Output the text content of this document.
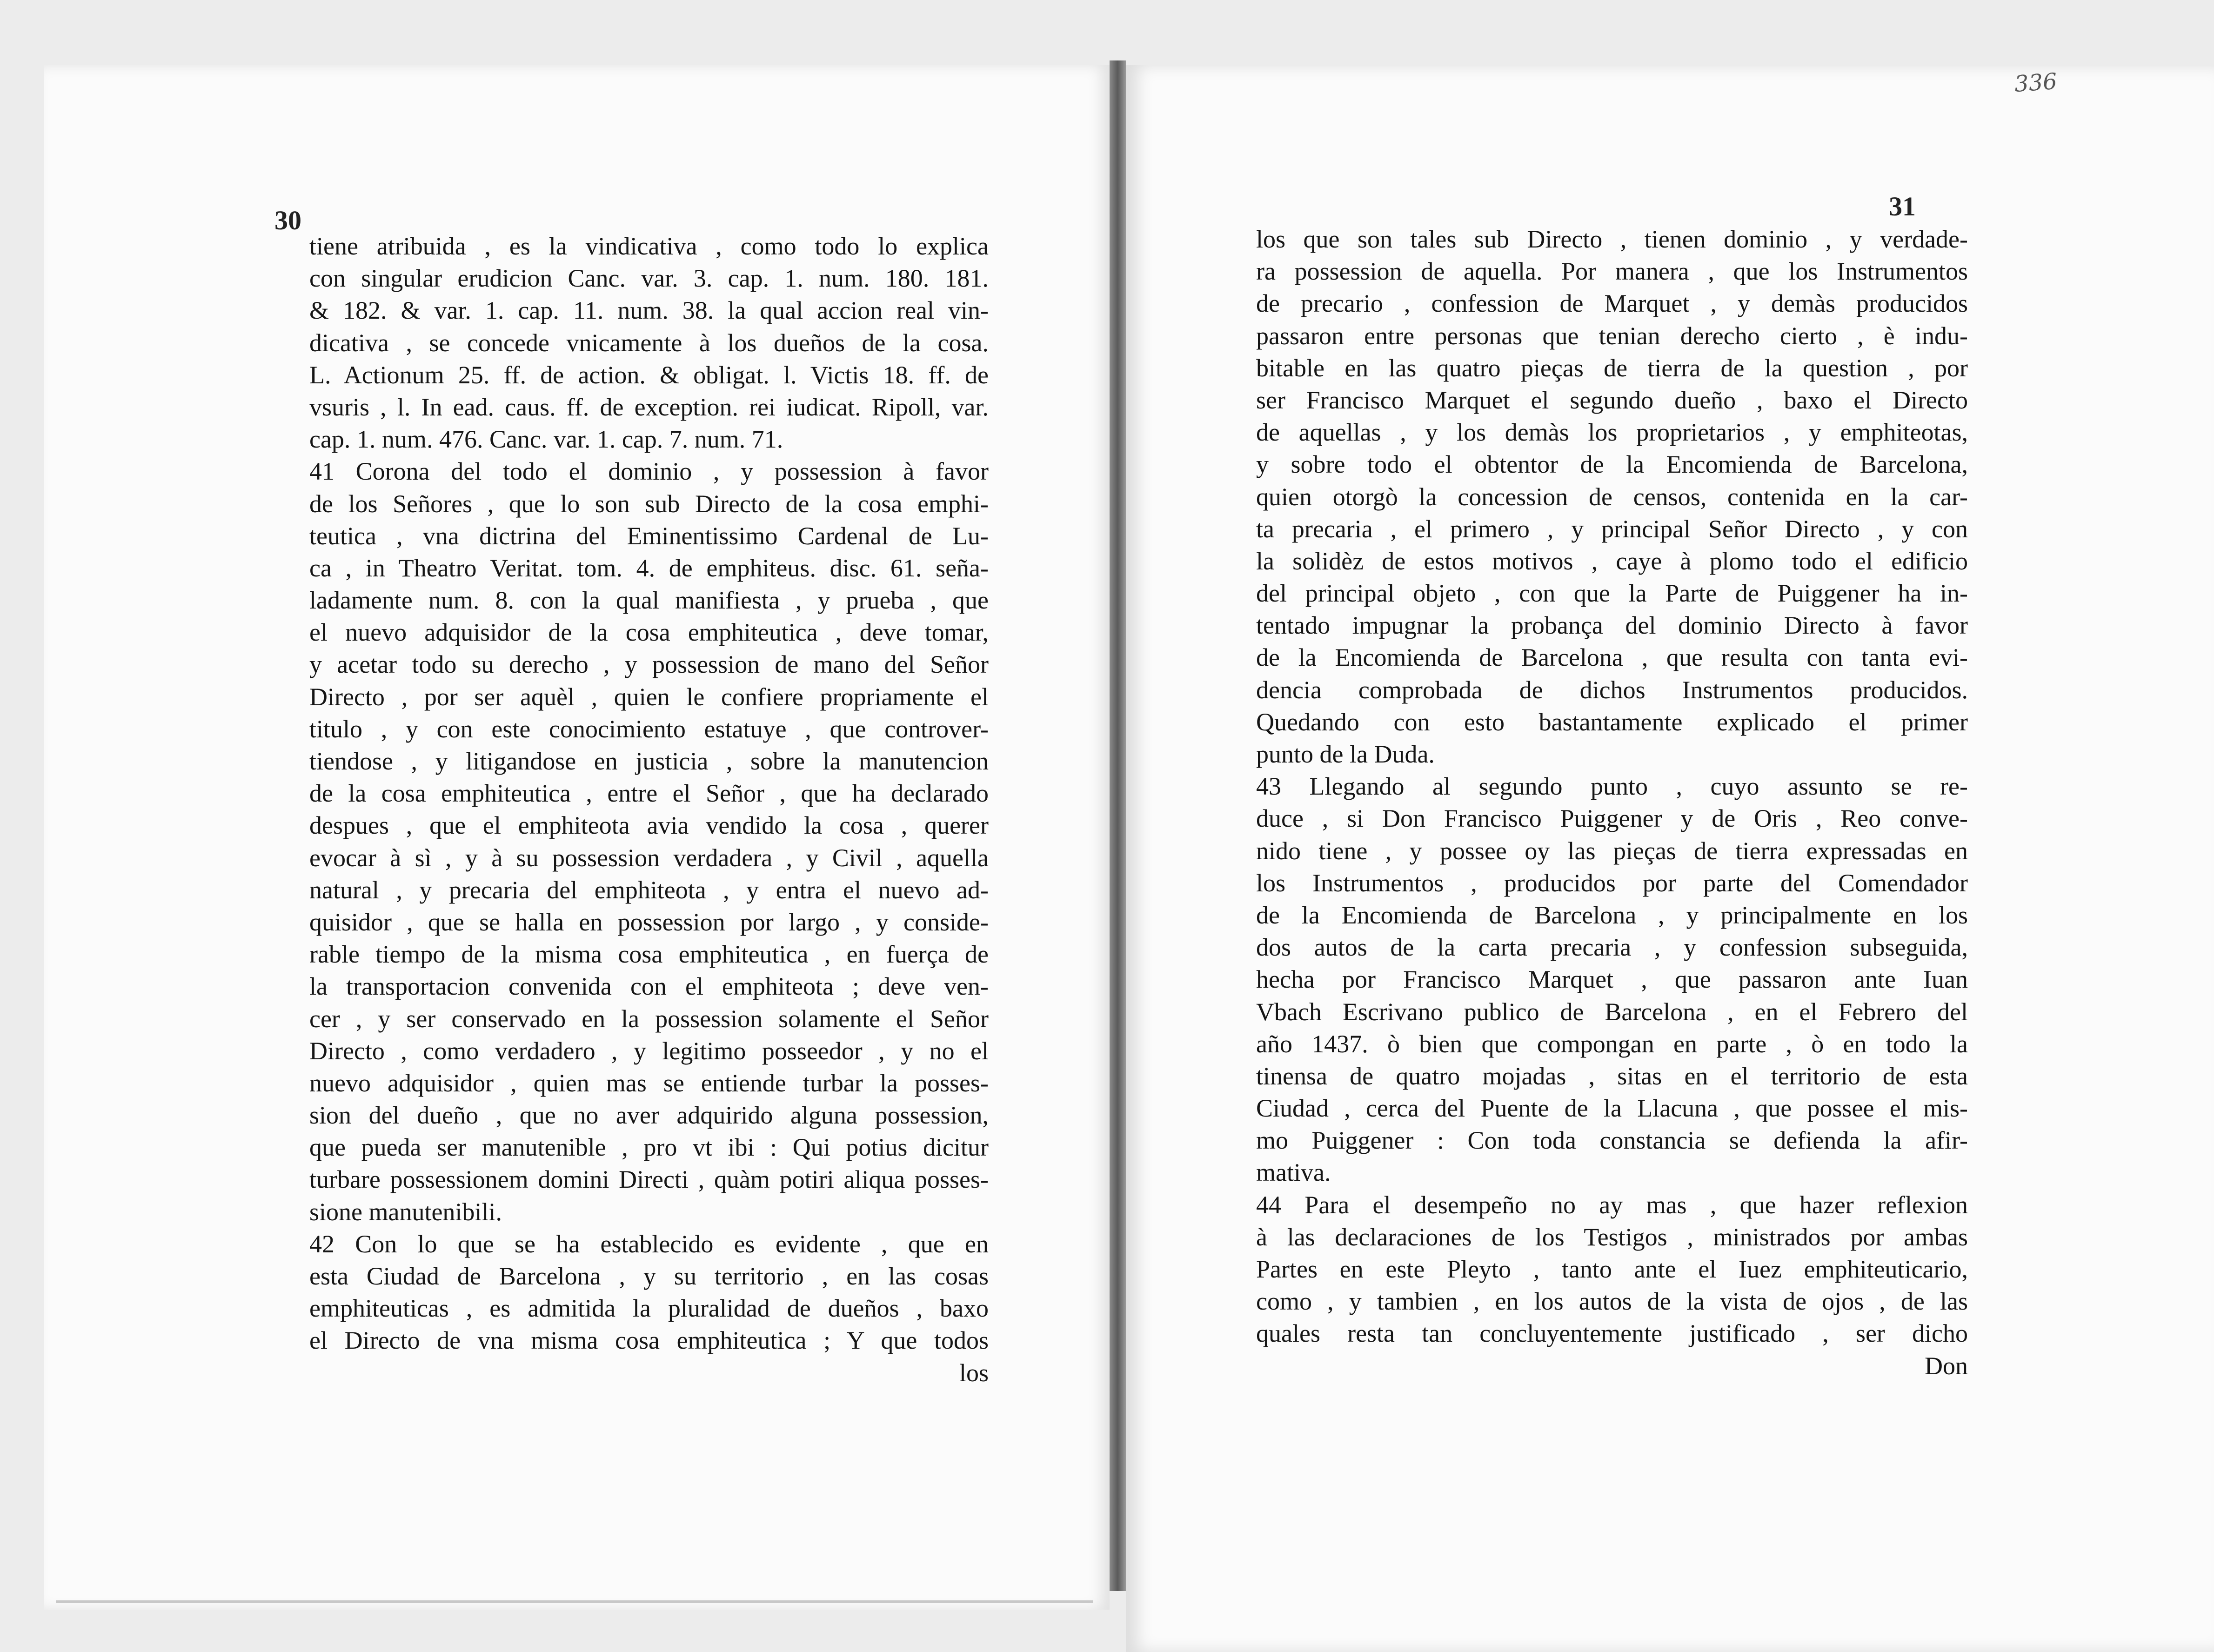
336
30	31
tiene atribuida , es la vindicativa , como todo lo explica
con singular erudicion Canc. var. 3. cap. 1. num. 180. 181.
& 182. & var. 1. cap. 11. num. 38. la qual accion real vin-
dicativa , se concede vnicamente à los dueños de la cosa.
L. Actionum 25. ff. de action. & obligat. l. Victis 18. ff. de
vsuris , l. In ead. caus. ff. de exception. rei iudicat. Ripoll, var.
cap. 1. num. 476. Canc. var. 1. cap. 7. num. 71.
41 Corona del todo el dominio , y possession à favor
de los Señores , que lo son sub Directo de la cosa emphi-
teutica , vna dictrina del Eminentissimo Cardenal de Lu-
ca , in Theatro Veritat. tom. 4. de emphiteus. disc. 61. seña-
ladamente num. 8. con la qual manifiesta , y prueba , que
el nuevo adquisidor de la cosa emphiteutica , deve tomar,
y acetar todo su derecho , y possession de mano del Señor
Directo , por ser aquèl , quien le confiere propriamente el
titulo , y con este conocimiento estatuye , que controver-
tiendose , y litigandose en justicia , sobre la manutencion
de la cosa emphiteutica , entre el Señor , que ha declarado
despues , que el emphiteota avia vendido la cosa , querer
evocar à sì , y à su possession verdadera , y Civil , aquella
natural , y precaria del emphiteota , y entra el nuevo ad-
quisidor , que se halla en possession por largo , y conside-
rable tiempo de la misma cosa emphiteutica , en fuerça de
la transportacion convenida con el emphiteota ; deve ven-
cer , y ser conservado en la possession solamente el Señor
Directo , como verdadero , y legitimo posseedor , y no el
nuevo adquisidor , quien mas se entiende turbar la posses-
sion del dueño , que no aver adquirido alguna possession,
que pueda ser manutenible , pro vt ibi : Qui potius dicitur
turbare possessionem domini Directi , quàm potiri aliqua posses-
sione manutenibili.
42 Con lo que se ha establecido es evidente , que en
esta Ciudad de Barcelona , y su territorio , en las cosas
emphiteuticas , es admitida la pluralidad de dueños , baxo
el Directo de vna misma cosa emphiteutica ; Y que todos
los
los que son tales sub Directo , tienen dominio , y verdade-
ra possession de aquella. Por manera , que los Instrumentos
de precario , confession de Marquet , y demàs producidos
passaron entre personas que tenian derecho cierto , è indu-
bitable en las quatro pieças de tierra de la question , por
ser Francisco Marquet el segundo dueño , baxo el Directo
de aquellas , y los demàs los proprietarios , y emphiteotas,
y sobre todo el obtentor de la Encomienda de Barcelona,
quien otorgò la concession de censos, contenida en la car-
ta precaria , el primero , y principal Señor Directo , y con
la solidèz de estos motivos , caye à plomo todo el edificio
del principal objeto , con que la Parte de Puiggener ha in-
tentado impugnar la probança del dominio Directo à favor
de la Encomienda de Barcelona , que resulta con tanta evi-
dencia comprobada de dichos Instrumentos producidos.
Quedando con esto bastantamente explicado el primer
punto de la Duda.
43 Llegando al segundo punto , cuyo assunto se re-
duce , si Don Francisco Puiggener y de Oris , Reo conve-
nido tiene , y possee oy las pieças de tierra expressadas en
los Instrumentos , producidos por parte del Comendador
de la Encomienda de Barcelona , y principalmente en los
dos autos de la carta precaria , y confession subseguida,
hecha por Francisco Marquet , que passaron ante Iuan
Vbach Escrivano publico de Barcelona , en el Febrero del
año 1437. ò bien que compongan en parte , ò en todo la
tinensa de quatro mojadas , sitas en el territorio de esta
Ciudad , cerca del Puente de la Llacuna , que possee el mis-
mo Puiggener : Con toda constancia se defienda la afir-
mativa.
44 Para el desempeño no ay mas , que hazer reflexion
à las declaraciones de los Testigos , ministrados por ambas
Partes en este Pleyto , tanto ante el Iuez emphiteuticario,
como , y tambien , en los autos de la vista de ojos , de las
quales resta tan concluyentemente justificado , ser dicho
Don
